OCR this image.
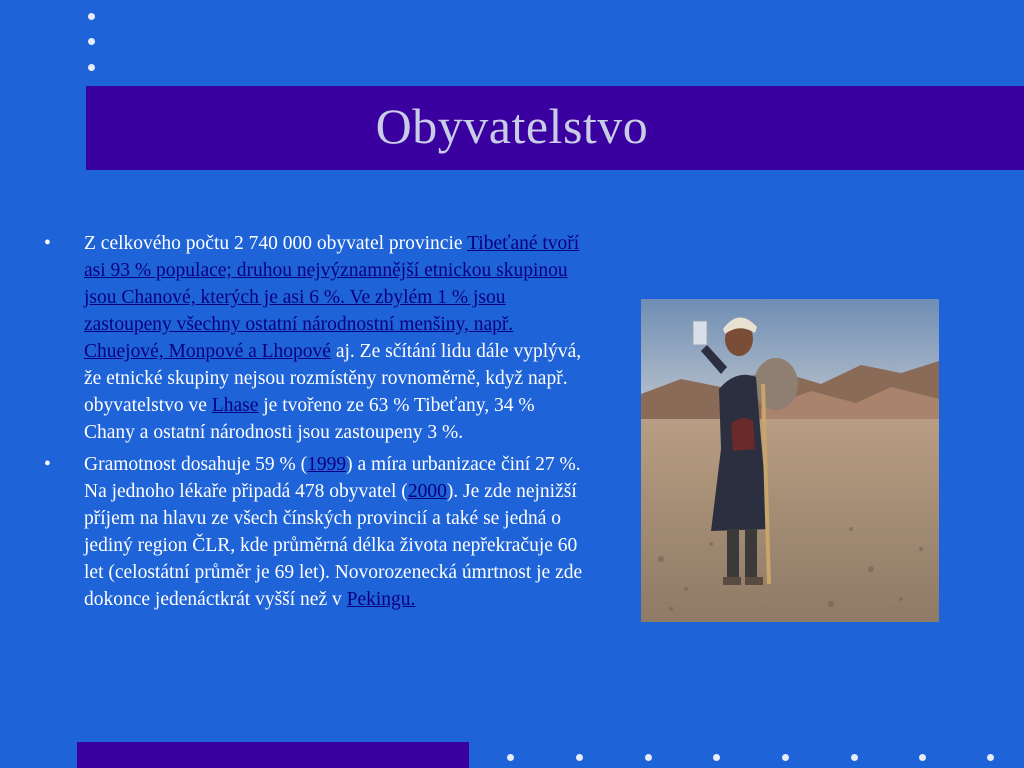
Obyvatelstvo
• Z celkového počtu 2 740 000 obyvatel provincie Tibeťané tvoří asi 93 % populace; druhou nejvýznamnější etnickou skupinou jsou Chanové, kterých je asi 6 %. Ve zbylém 1 % jsou zastoupeny všechny ostatní národnostní menšiny, např. Chuejové, Monpové a Lhopové aj. Ze sčítání lidu dále vyplývá, že etnické skupiny nejsou rozmístěny rovnoměrně, když např. obyvatelstvo ve Lhase je tvořeno ze 63 % Tibeťany, 34 % Chany a ostatní národnosti jsou zastoupeny 3 %.
• Gramotnost dosahuje 59 % (1999) a míra urbanizace činí 27 %. Na jednoho lékaře připadá 478 obyvatel (2000). Je zde nejnižší příjem na hlavu ze všech čínských provincií a také se jedná o jediný region ČLR, kde průměrná délka života nepřekračuje 60 let (celostátní průměr je 69 let). Novorozenecká úmrtnost je zde dokonce jedenáctkrát vyšší než v Pekingu.
